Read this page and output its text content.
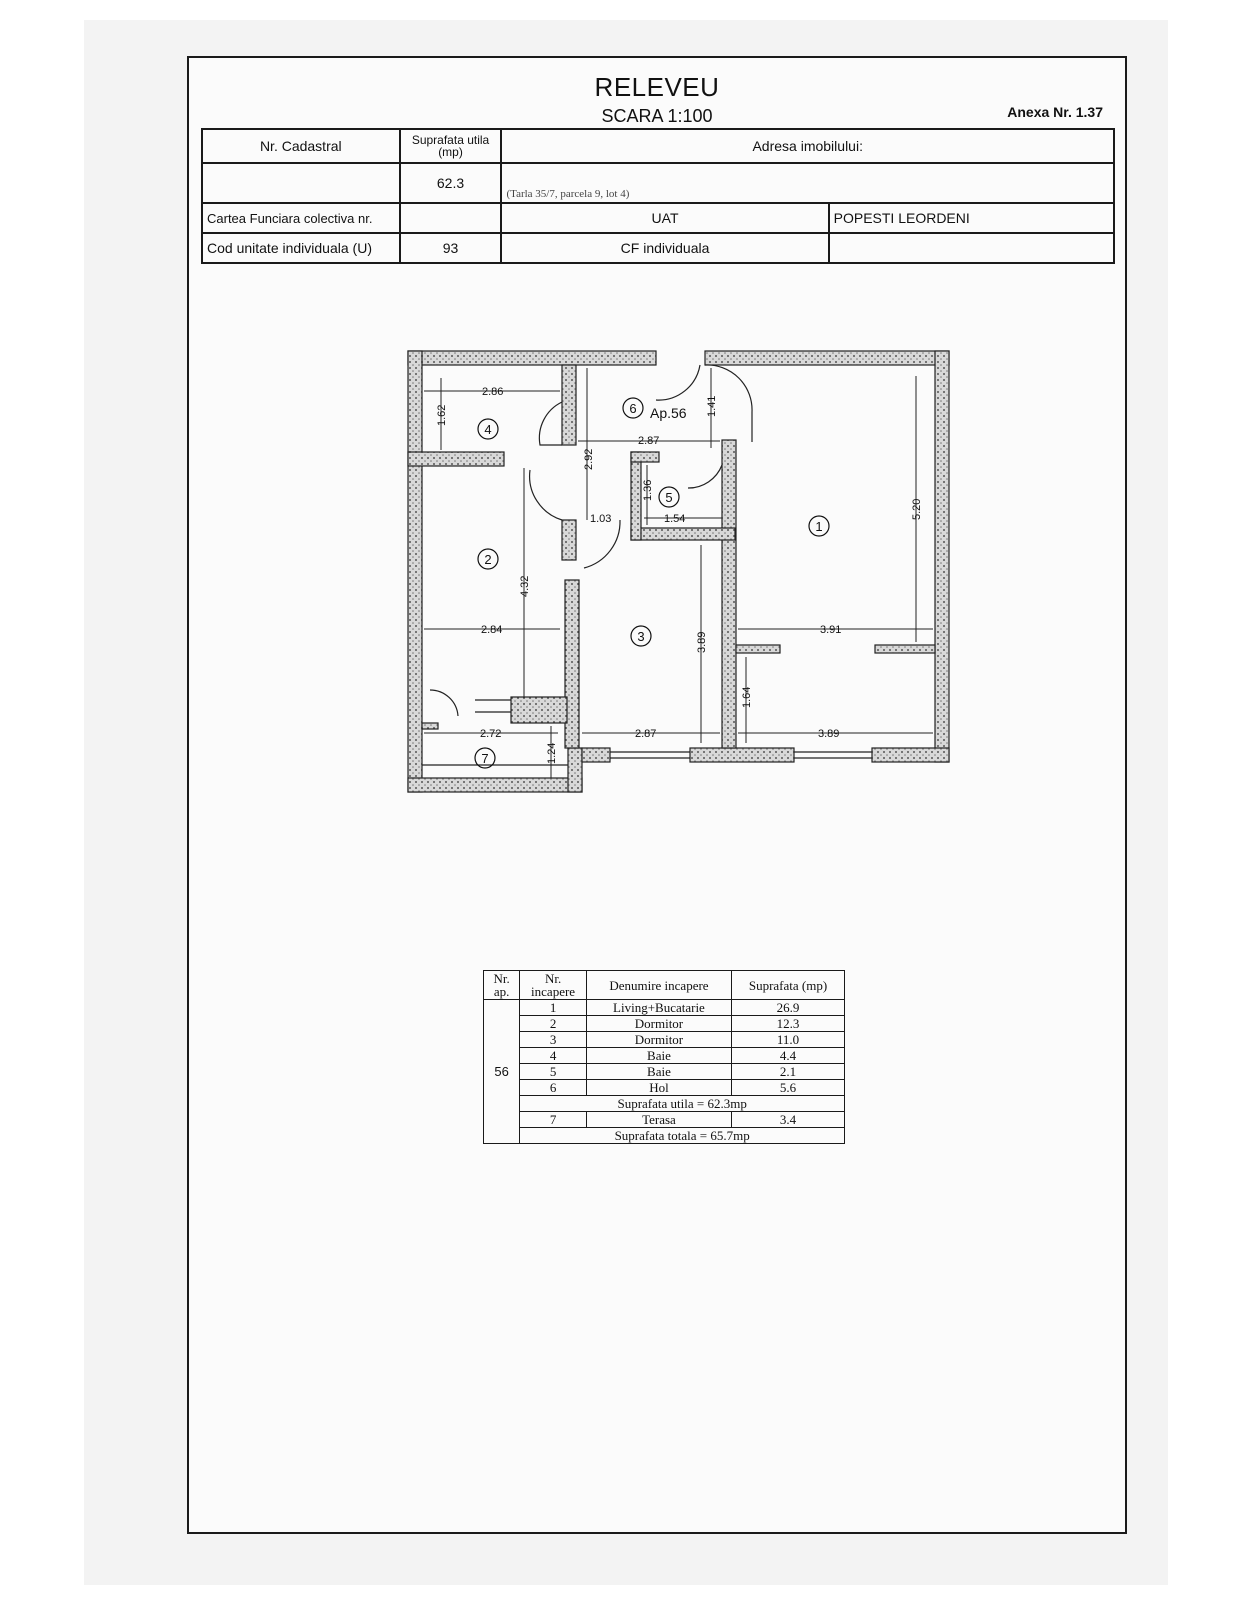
RELEVEU
SCARA 1:100	Anexa Nr. 1.37
Nr. Cadastral	Suprafata utila (mp)	Adresa imobilului:	
	62.3	(Tarla 35/7, parcela 9, lot 4)	
Cartea Funciara colectiva nr.		UAT	POPESTI LEORDENI
Cod unitate individuala (U)	93	CF individuala	
2.86
1.62
2.87
2.92
1.41
1.36
1.54
1.03
4.32
2.84
3.89
2.87
5.20
3.91
3.89
1.64
2.72
1.24
1
2
3
4
5
6
7
Ap.56
Nr. ap.	Nr. incapere	Denumire incapere	Suprafata (mp)
56	1	Living+Bucatarie	26.9
	2	Dormitor	12.3
	3	Dormitor	11.0
	4	Baie	4.4
	5	Baie	2.1
	6	Hol	5.6
	Suprafata utila = 62.3mp		
	7	Terasa	3.4
	Suprafata totala = 65.7mp		
